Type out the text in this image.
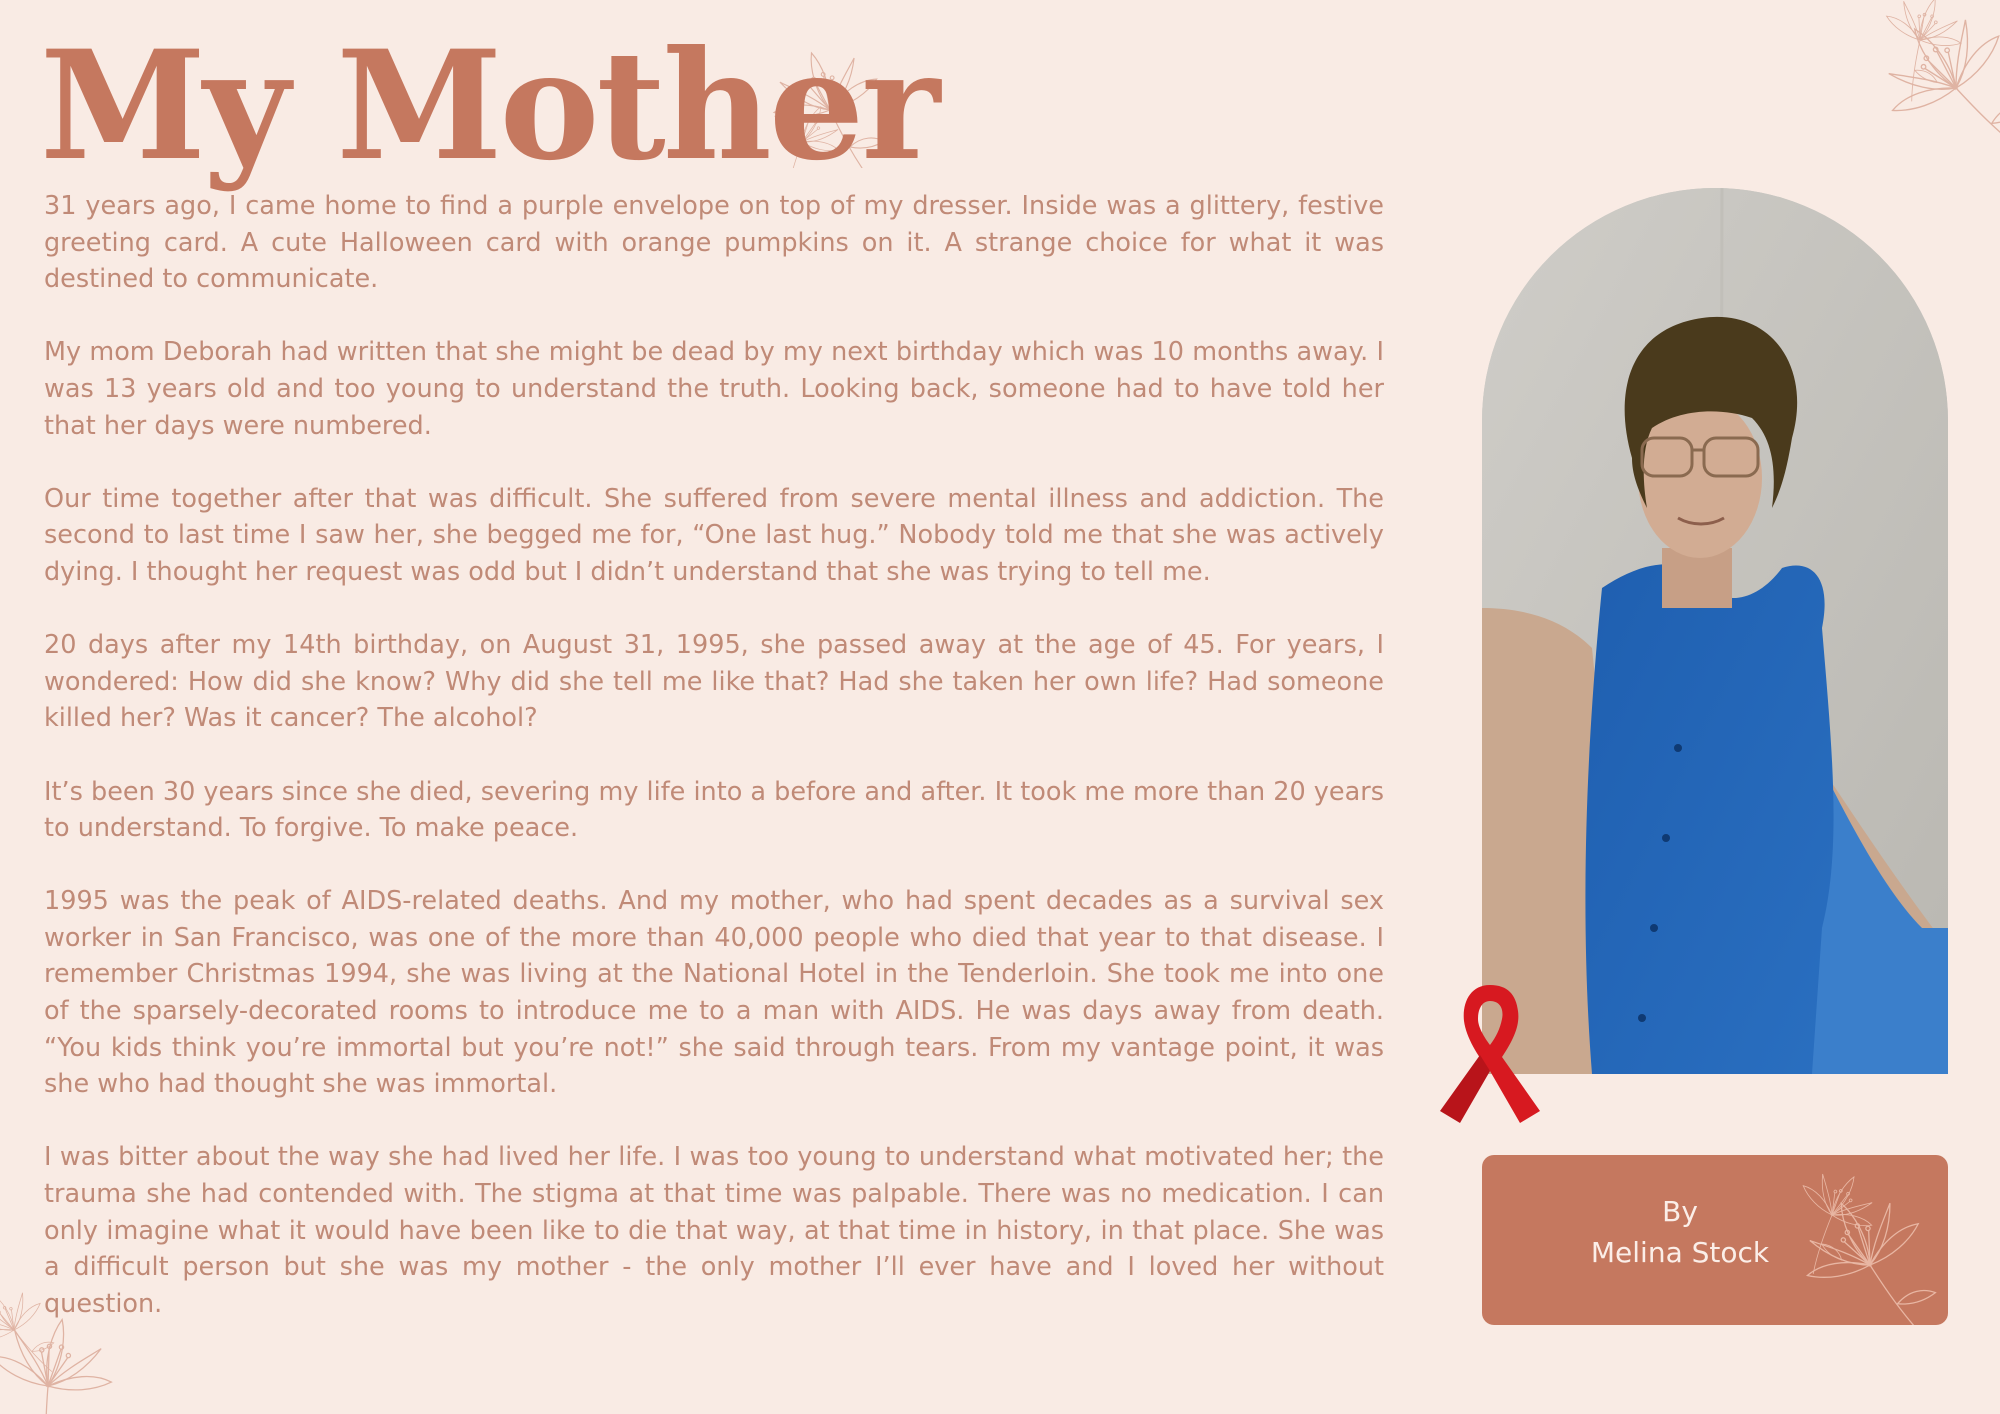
My Mother

31 years ago, I came home to find a purple envelope on top of my dresser. Inside was a glittery, festive greeting card. A cute Halloween card with orange pumpkins on it. A strange choice for what it was destined to communicate.

My mom Deborah had written that she might be dead by my next birthday which was 10 months away. I was 13 years old and too young to understand the truth. Looking back, someone had to have told her that her days were numbered.

Our time together after that was difficult. She suffered from severe mental illness and addiction. The second to last time I saw her, she begged me for, “One last hug.” Nobody told me that she was actively dying. I thought her request was odd but I didn’t understand that she was trying to tell me.

20 days after my 14th birthday, on August 31, 1995, she passed away at the age of 45. For years, I wondered: How did she know? Why did she tell me like that? Had she taken her own life? Had someone killed her? Was it cancer? The alcohol?

It’s been 30 years since she died, severing my life into a before and after. It took me more than 20 years to understand. To forgive. To make peace.

1995 was the peak of AIDS-related deaths. And my mother, who had spent decades as a survival sex worker in San Francisco, was one of the more than 40,000 people who died that year to that disease. I remember Christmas 1994, she was living at the National Hotel in the Tenderloin. She took me into one of the sparsely-decorated rooms to introduce me to a man with AIDS. He was days away from death. “You kids think you’re immortal but you’re not!” she said through tears. From my vantage point, it was she who had thought she was immortal.

I was bitter about the way she had lived her life. I was too young to understand what motivated her; the trauma she had contended with. The stigma at that time was palpable. There was no medication. I can only imagine what it would have been like to die that way, at that time in history, in that place. She was a difficult person but she was my mother - the only mother I’ll ever have and I loved her without question.

By
Melina Stock
